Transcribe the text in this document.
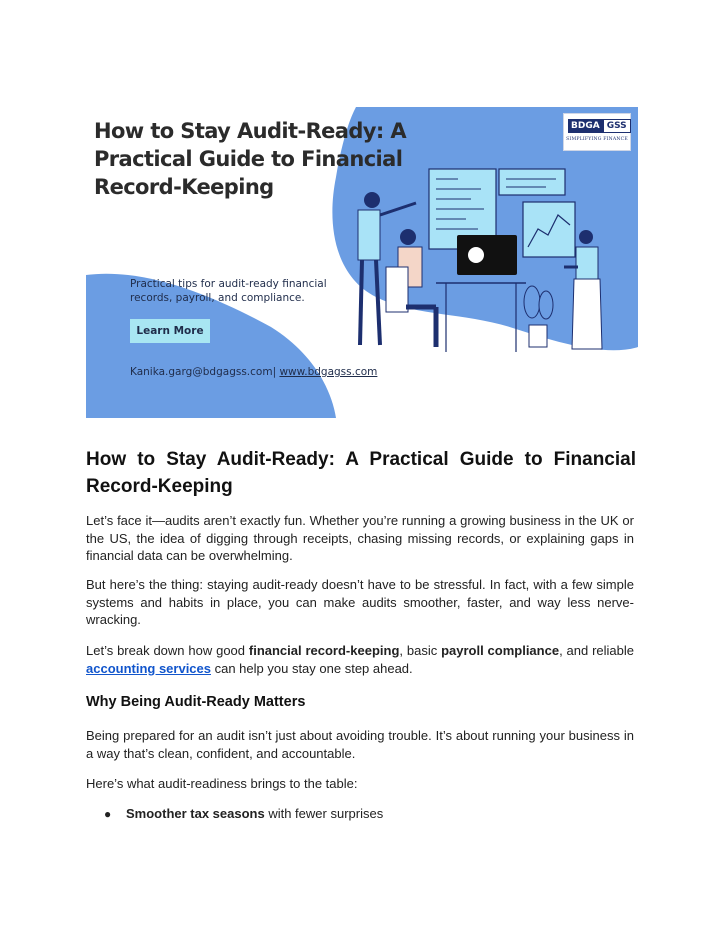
How to Stay Audit-Ready: A Practical Guide to Financial Record-Keeping
BDGA GSS
SIMPLIFYING FINANCE
Practical tips for audit-ready financial records, payroll, and compliance.
Learn More
Kanika.garg@bdgagss.com| www.bdgagss.com
How to Stay Audit-Ready: A Practical Guide to Financial Record-Keeping

Let’s face it—audits aren’t exactly fun. Whether you’re running a growing business in the UK or the US, the idea of digging through receipts, chasing missing records, or explaining gaps in financial data can be overwhelming.

But here’s the thing: staying audit-ready doesn’t have to be stressful. In fact, with a few simple systems and habits in place, you can make audits smoother, faster, and way less nerve-wracking.

Let’s break down how good financial record-keeping, basic payroll compliance, and reliable accounting services can help you stay one step ahead.

Why Being Audit-Ready Matters

Being prepared for an audit isn’t just about avoiding trouble. It’s about running your business in a way that’s clean, confident, and accountable.

Here’s what audit-readiness brings to the table:

●	Smoother tax seasons with fewer surprises
